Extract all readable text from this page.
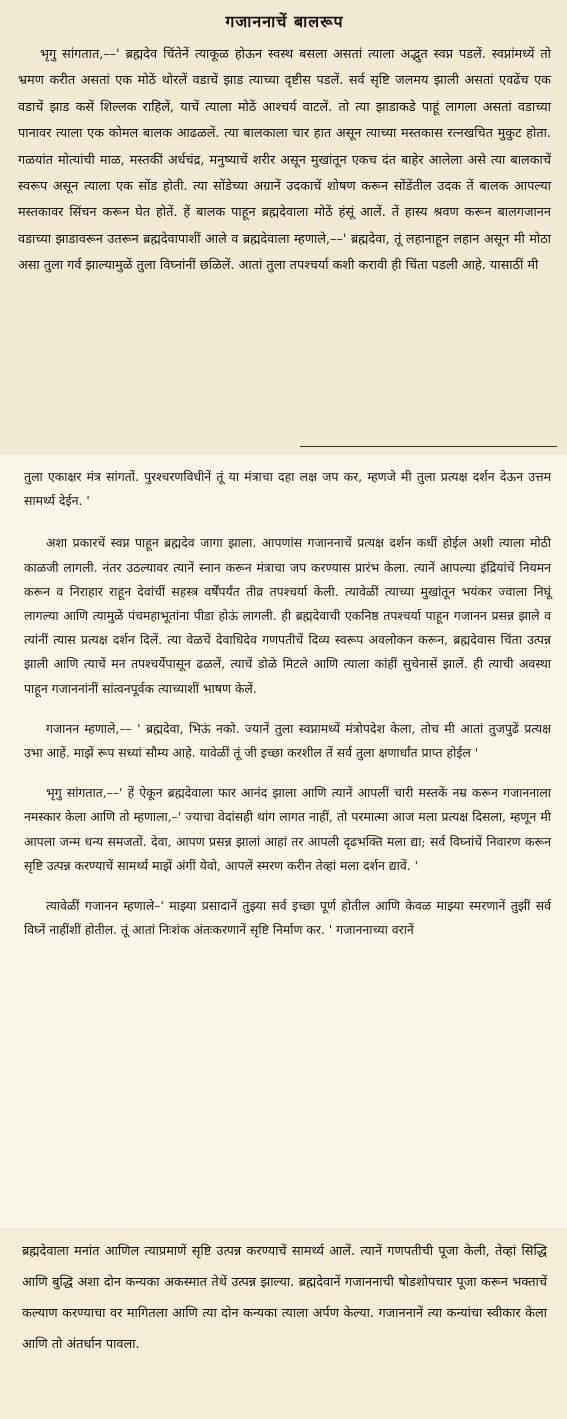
गजाननाचें बालरूप

भृगु सांगतात,––' ब्रह्मदेव चिंतेनें त्याकूळ होऊन स्वस्थ बसला असतां त्याला अद्भुत स्वप्न पडलें. स्वप्नांमध्यें तो भ्रमण करीत असतां एक मोठें थोरलें वडाचें झाड त्याच्या दृष्टीस पडलें. सर्व सृष्टि जलमय झाली असतां एवढेंच एक वडाचें झाड कसें शिल्लक राहिलें, याचें त्याला मोठें आश्चर्य वाटलें. तो त्या झाडाकडे पाहूं लागला असतां वडाच्या पानावर त्याला एक कोमल बालक आढळलें. त्या बालकाला चार हात असून त्याच्या मस्तकास रत्नखचित मुकुट होता. गळयांत मोत्यांची माळ, मस्तकीं अर्धचंद्र, मनुष्याचें शरीर असून मुखांतून एकच दंत बाहेर आलेला असे त्या बालकाचें स्वरूप असून त्याला एक सोंड होती. त्या सोंडेच्या अग्रानें उदकाचें शोषण करून सोंडेंतील उदक तें बालक आपल्या मस्तकावर सिंचन करून घेत होतें. हें बालक पाहून ब्रह्मदेवाला मोठें हंसूं आलें. तें हास्य श्रवण करून बालगजानन वडाच्या झाडावरून उतरून ब्रह्मदेवापाशीं आले व ब्रह्मदेवाला म्हणाले,––' ब्रह्मदेवा, तूं लहानाहून लहान असून मी मोठा असा तुला गर्व झाल्यामुळें तुला विघ्नांनीं छळिलें. आतां तुला तपश्चर्या कशी करावी ही चिंता पडली आहे. यासाठीं मी

तुला एकाक्षर मंत्र सांगतों. पुरश्चरणविधीनें तूं या मंत्राचा दहा लक्ष जप कर, म्हणजे मी तुला प्रत्यक्ष दर्शन देऊन उत्तम सामर्थ्य देईन. '

अशा प्रकारचें स्वप्न पाहून ब्रह्मदेव जागा झाला. आपणांस गजाननाचें प्रत्यक्ष दर्शन कधीं होईल अशी त्याला मोठी काळजी लागली. नंतर उठल्यावर त्यानें स्नान करून मंत्राचा जप करण्यास प्रारंभ केला. त्यानें आपल्या इंद्रियांचें नियमन करून व निराहार राहून देवांचीं सहस्त्र वर्षेंपर्यंत तीव्र तपश्चर्या केली. त्यावेळीं त्याच्या मुखांतून भयंकर ज्वाला निघूं लागल्या आणि त्यामुळें पंचमहाभूतांना पीडा होऊं लागली. ही ब्रह्मदेवाची एकनिष्ठ तपश्चर्या पाहून गजानन प्रसन्न झाले व त्यांनीं त्यास प्रत्यक्ष दर्शन दिलें. त्या वेळचें देवाधिदेव गणपतीचें दिव्य स्वरूप अवलोकन करून, ब्रह्मदेवास चिंता उत्पन्न झाली आणि त्याचें मन तपश्चर्येपासून ढळलें, त्याचें डोळे मिटले आणि त्याला कांहीं सुचेनासें झालें. ही त्याची अवस्था पाहून गजाननांनीं सांत्वनपूर्वक त्याच्याशीं भाषण केलें.

गजानन म्हणाले,–– ' ब्रह्मदेवा, भिऊं नको. ज्यानें तुला स्वप्नामध्यें मंत्रोपदेश केला, तोच मी आतां तुजपुढें प्रत्यक्ष उभा आहें. माझें रूप सध्यां सौम्य आहे. यावेळीं तूं जी इच्छा करशील तें सर्व तुला क्षणार्धांत प्राप्त होईल '

भृगु सांगतात,––' हें ऐकून ब्रह्मदेवाला फार आनंद झाला आणि त्यानें आपलीं चारी मस्तकें नम्र करून गजाननाला नमस्कार केला आणि तो म्हणाला,–' ज्याचा वेदांसही थांग लागत नाहीं, तो परमात्मा आज मला प्रत्यक्ष दिसला, म्हणून मी आपला जन्म धन्य समजतों. देवा, आपण प्रसन्न झालां आहां तर आपली दृढभक्ति मला द्या; सर्व विघ्नांचें निवारण करून सृष्टि उत्पन्न करण्याचें सामर्थ्य माझें अंगीं येवो, आपलें स्मरण करीन तेव्हां मला दर्शन द्यावें. '

त्यावेळीं गजानन म्हणाले–' माझ्या प्रसादानें तुझ्या सर्व इच्छा पूर्ण होतील आणि केवळ माझ्या स्मरणानें तुझीं सर्व विघ्नें नाहींशीं होतील. तूं आतां निःशंक अंतःकरणानें सृष्टि निर्माण कर. ' गजाननाच्या वरानें

ब्रह्मदेवाला मनांत आणिल त्याप्रमाणें सृष्टि उत्पन्न करण्याचें सामर्थ्य आलें. त्यानें गणपतीची पूजा केली, तेव्हां सिद्धि आणि बुद्धि अशा दोन कन्यका अकस्मात तेथें उत्पन्न झाल्या. ब्रह्मदेवानें गजाननाची षोडशोपचार पूजा करून भक्ताचें कल्याण करण्याचा वर मागितला आणि त्या दोन कन्यका त्याला अर्पण केल्या. गजाननानें त्या कन्यांचा स्वीकार केला आणि तो अंतर्धान पावला.
